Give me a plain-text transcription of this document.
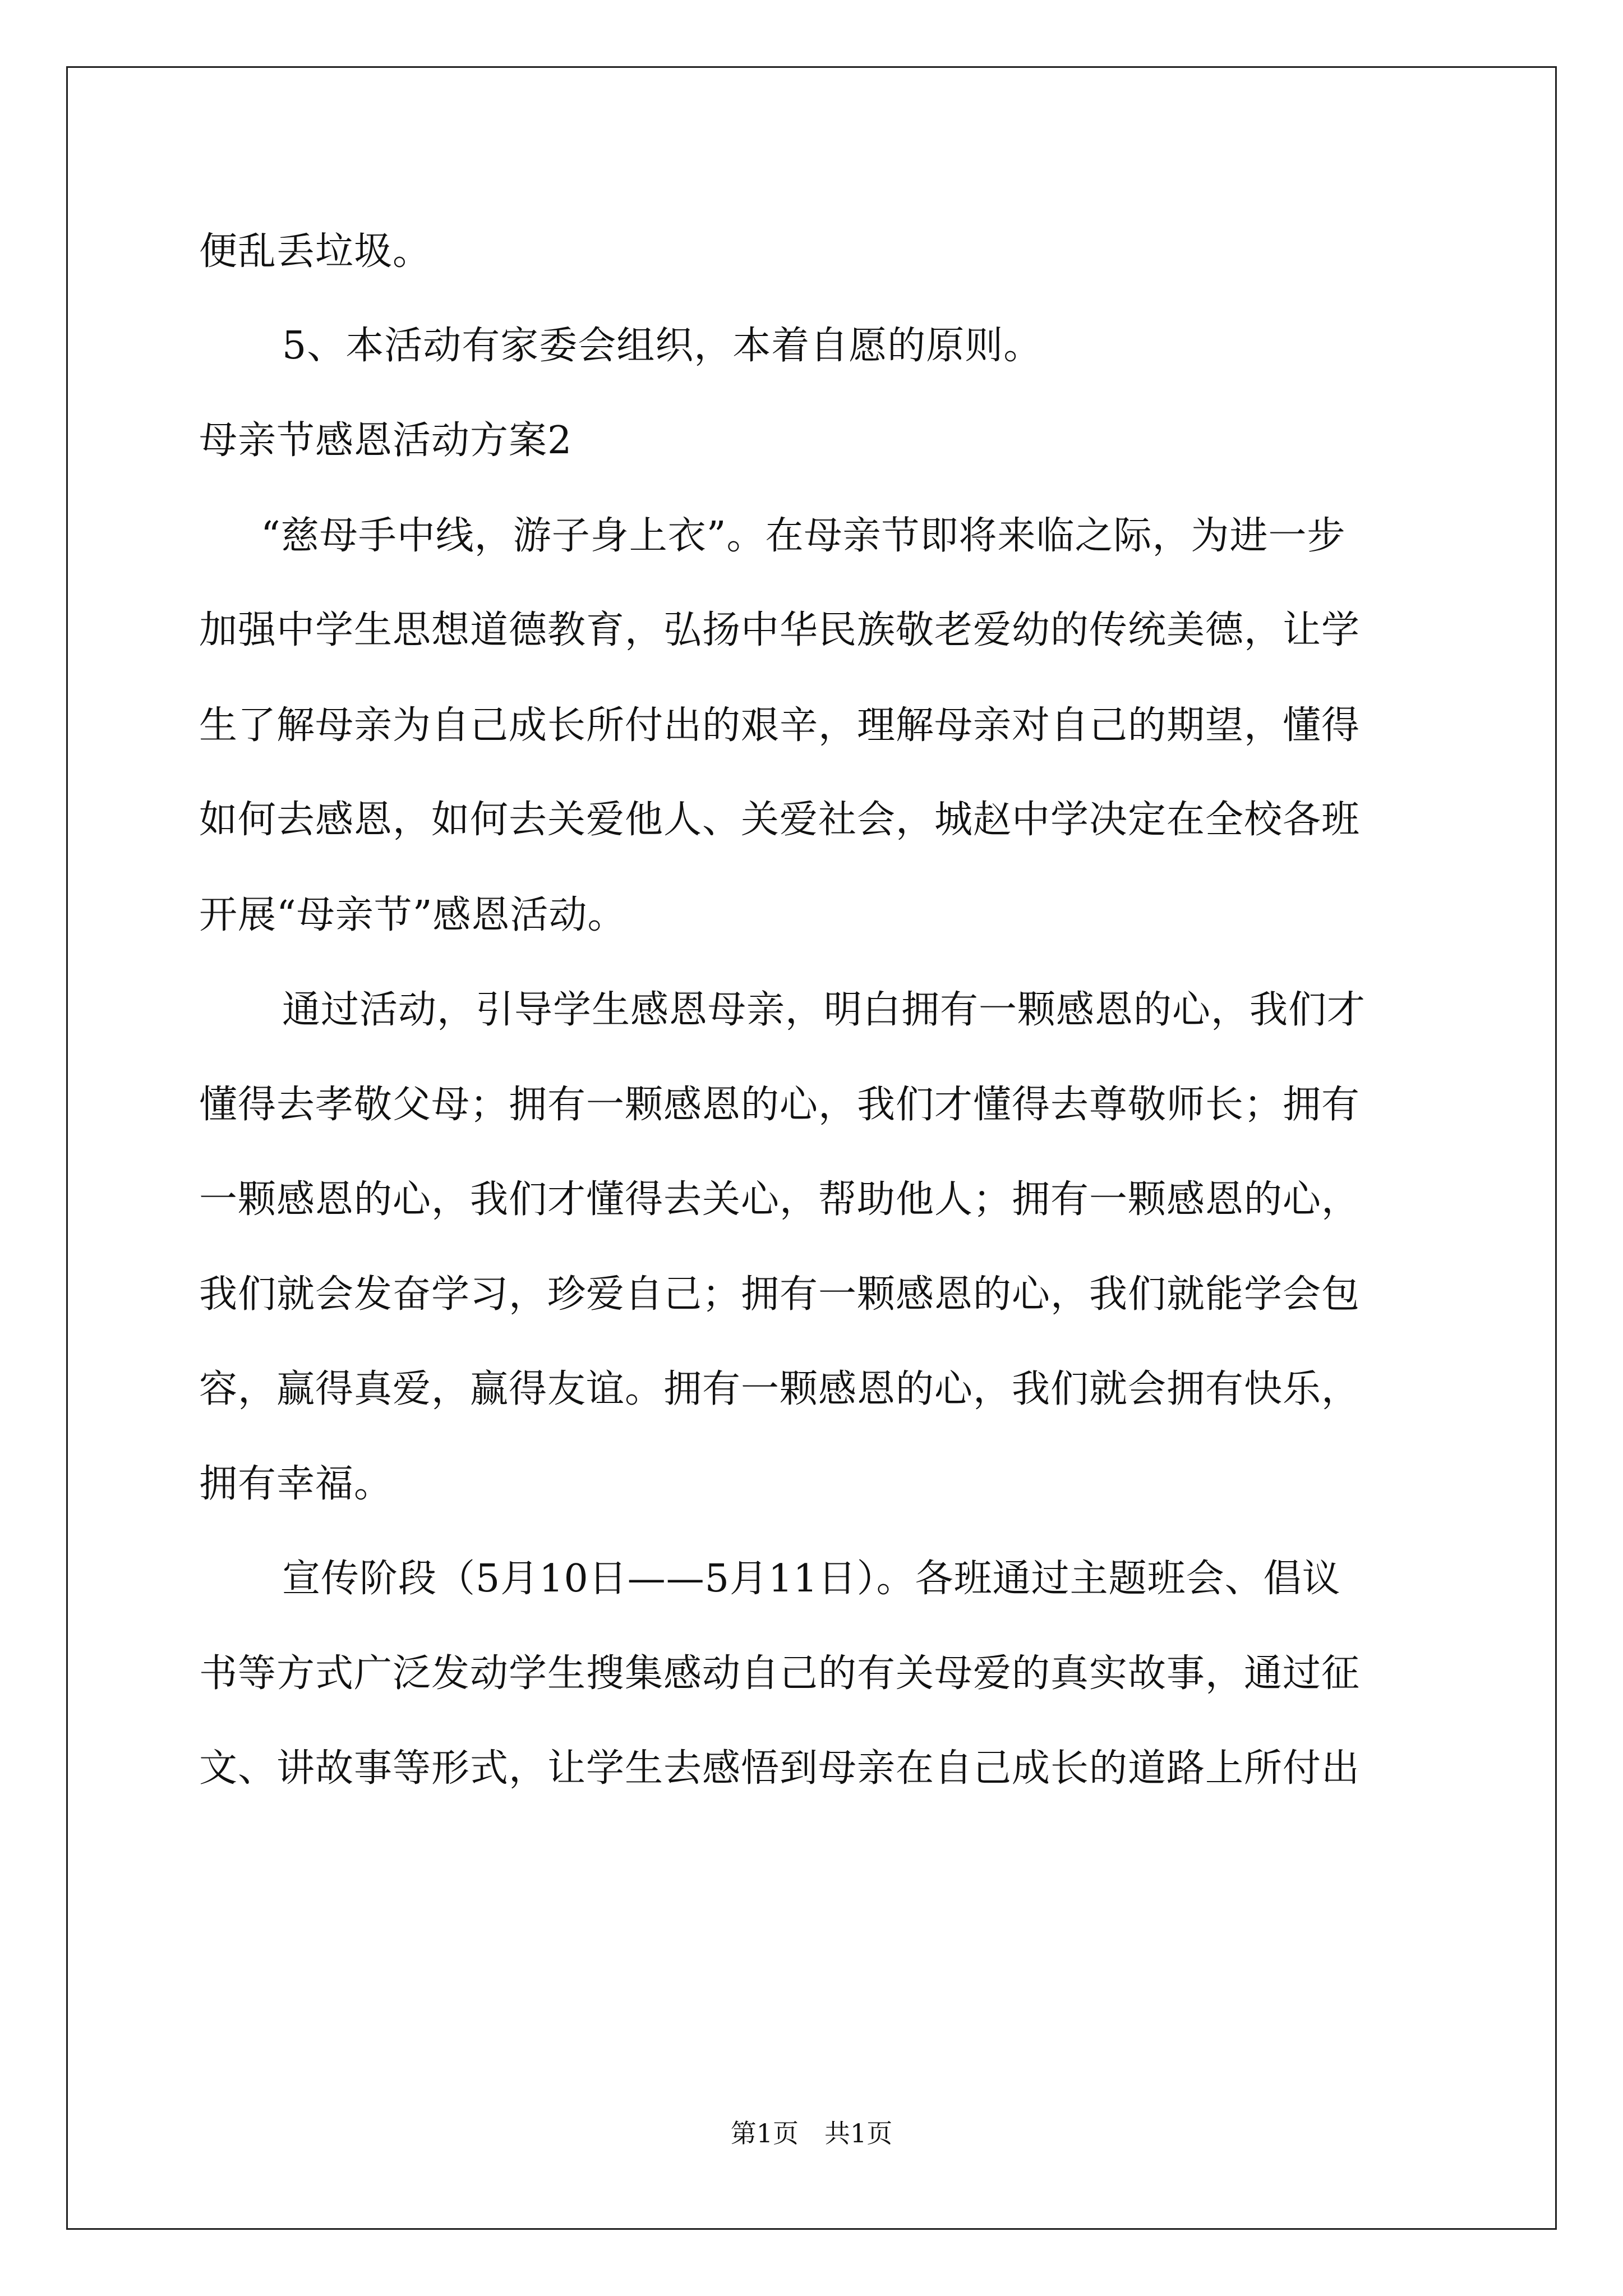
便乱丢垃圾。
5、本活动有家委会组织，本着自愿的原则。
母亲节感恩活动方案2
“慈母手中线，游子身上衣”。在母亲节即将来临之际，为进一步
加强中学生思想道德教育，弘扬中华民族敬老爱幼的传统美德，让学
生了解母亲为自己成长所付出的艰辛，理解母亲对自己的期望，懂得
如何去感恩，如何去关爱他人、关爱社会，城赵中学决定在全校各班
开展“母亲节”感恩活动。
通过活动，引导学生感恩母亲，明白拥有一颗感恩的心，我们才
懂得去孝敬父母；拥有一颗感恩的心，我们才懂得去尊敬师长；拥有
一颗感恩的心，我们才懂得去关心，帮助他人；拥有一颗感恩的心，
我们就会发奋学习，珍爱自己；拥有一颗感恩的心，我们就能学会包
容，赢得真爱，赢得友谊。拥有一颗感恩的心，我们就会拥有快乐，
拥有幸福。
宣传阶段（5月10日——5月11日）。各班通过主题班会、倡议
书等方式广泛发动学生搜集感动自己的有关母爱的真实故事，通过征
文、讲故事等形式，让学生去感悟到母亲在自己成长的道路上所付出
第1页　共1页
